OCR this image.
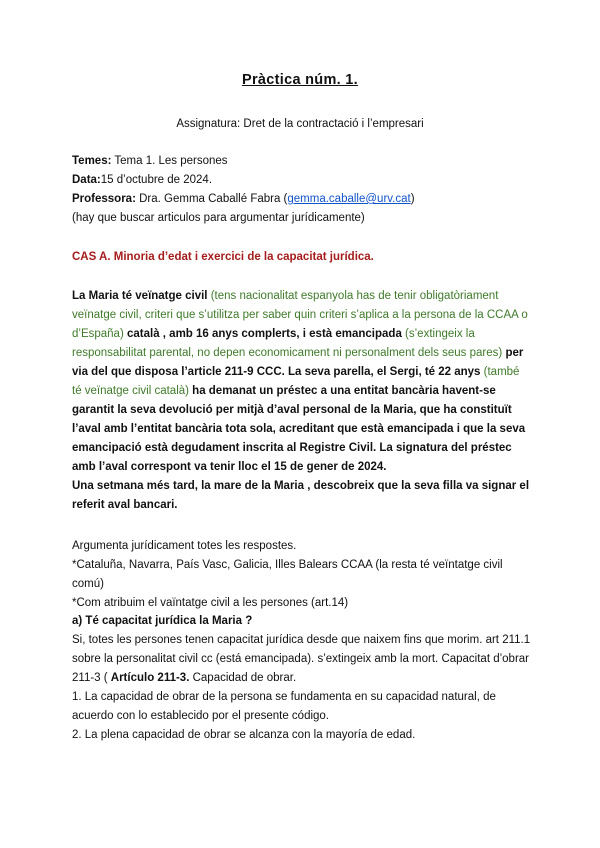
Pràctica núm. 1.
Assignatura: Dret de la contractació i l’empresari

Temes: Tema 1. Les persones

Data:15 d’octubre de 2024.

Professora: Dra. Gemma Caballé Fabra (gemma.caballe@urv.cat)

(hay que buscar articulos para argumentar jurídicamente)

CAS A. Minoria d’edat i exercici de la capacitat jurídica.

La Maria té veïnatge civil (tens nacionalitat espanyola has de tenir obligatòriament veïnatge civil, criteri que s’utilitza per saber quin criteri s’aplica a la persona de la CCAA o d’España) català , amb 16 anys complerts, i està emancipada (s’extingeix la responsabilitat parental, no depen economicament ni personalment dels seus pares) per via del que disposa l’article 211-9 CCC. La seva parella, el Sergi, té 22 anys (també té veïnatge civil català) ha demanat un préstec a una entitat bancària havent-se garantit la seva devolució per mitjà d’aval personal de la Maria, que ha constituït l’aval amb l’entitat bancària tota sola, acreditant que està emancipada i que la seva emancipació està degudament inscrita al Registre Civil. La signatura del préstec amb l’aval correspont va tenir lloc el 15 de gener de 2024.

Una setmana més tard, la mare de la Maria , descobreix que la seva filla va signar el referit aval bancari.

Argumenta jurídicament totes les respostes.

*Cataluña, Navarra, País Vasc, Galicia, Illes Balears CCAA (la resta té veïntatge civil comú)

*Com atribuim el vaïntatge civil a les persones (art.14)

a) Té capacitat jurídica la Maria ?

Si, totes les persones tenen capacitat jurídica desde que naixem fins que morim. art 211.1 sobre la personalitat civil cc (está emancipada). s’extingeix amb la mort. Capacitat d’obrar 211-3 ( Artículo 211-3. Capacidad de obrar.

1. La capacidad de obrar de la persona se fundamenta en su capacidad natural, de acuerdo con lo establecido por el presente código.

2. La plena capacidad de obrar se alcanza con la mayoría de edad.
